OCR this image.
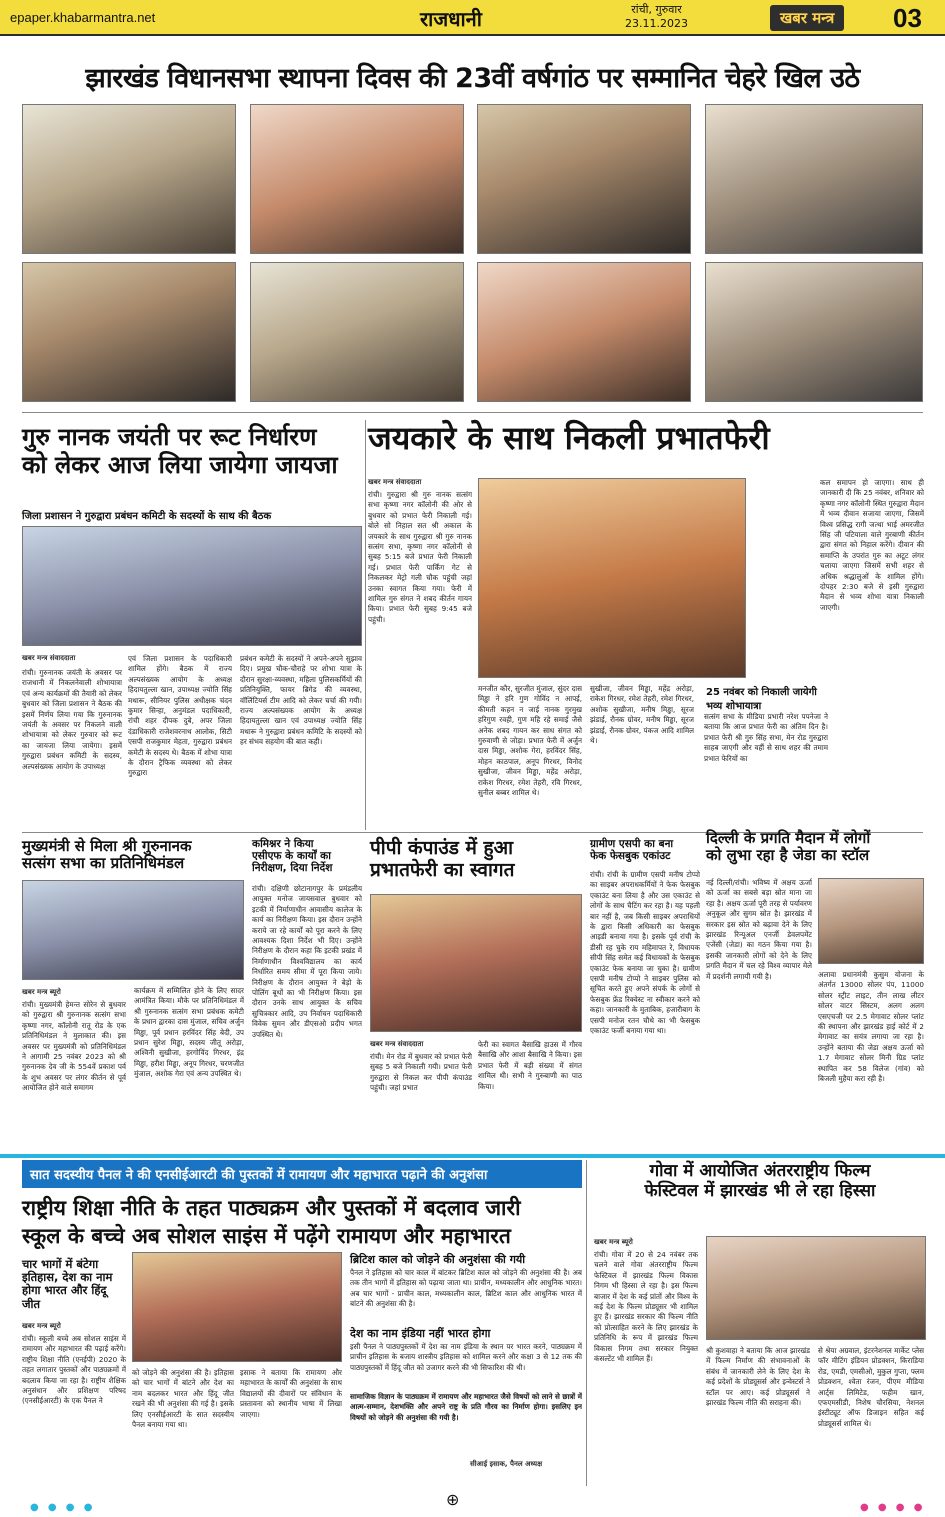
epaper.khabarmantra.net	राजधानी	रांची, गुरुवार
23.11.2023	खबर मन्त्र	03
झारखंड विधानसभा स्थापना दिवस की 23वीं वर्षगांठ पर सम्मानित चेहरे खिल उठे
गुरु नानक जयंती पर रूट निर्धारण
को लेकर आज लिया जायेगा जायजा
जिला प्रशासन ने गुरुद्वारा प्रबंधन कमिटी के सदस्यों के साथ की बैठक
खबर मन्त्र संवाददाता
रांची। गुरुनानक जयंती के अवसर पर राजधानी में निकलनेवाली शोभायात्रा एवं अन्य कार्यक्रमों की तैयारी को लेकर बुधवार को जिला प्रशासन ने बैठक की इसमें निर्णय लिया गया कि गुरुनानक जयंती के अवसर पर निकलने वाली शोभायात्रा को लेकर गुरुवार को रूट का जायजा लिया जायेगा। इसमें गुरुद्वारा प्रबंधन कमिटी के सदस्य, अल्पसंख्यक आयोग के उपाध्यक्ष
एवं जिला प्रशासन के पदाधिकारी शामिल होंगे। बैठक में राज्य अल्पसंख्यक आयोग के अध्यक्ष हिदायतुल्ला खान, उपाध्यक्ष ज्योति सिंह मथारू, सीनियर पुलिस अधीक्षक चंदन कुमार सिन्हा, अनुमंडल पदाधिकारी, रांची शहर दीपक दुबे, अपर जिला दंडाधिकारी राजेशवरनाथ आलोक, सिटी एसपी राजकुमार मेहता, गुरुद्वारा प्रबंधन कमेटी के सदस्य थे। बैठक में शोभा यात्रा के दौरान ट्रैफिक व्यवस्था को लेकर गुरुद्वारा
प्रबंधन कमेटी के सदस्यों ने अपने-अपने सुझाव दिए। प्रमुख चौक-चौराहे पर शोभा यात्रा के दौरान सुरक्षा-व्यवस्था, महिला पुलिसकर्मियों की प्रतिनियुक्ति, फायर ब्रिगेड की व्यवस्था, वॉलिंटियर्स टीम आदि को लेकर चर्चा की गयी। राज्य अल्पसंख्यक आयोग के अध्यक्ष हिदायतुल्ला खान एवं उपाध्यक्ष ज्योति सिंह मथारू ने गुरुद्वारा प्रबंधन कमिटि के सदस्यों को हर संभव सहयोग की बात कही।
जयकारे के साथ निकली प्रभातफेरी
खबर मन्त्र संवाददाता
रांची। गुरुद्वारा श्री गुरु नानक सत्संग सभा कृष्णा नगर कॉलोनी की ओर से बुधवार को प्रभात फेरी निकाली गई। बोले सो निहाल सत श्री अकाल के जयकारे के साथ गुरुद्वारा श्री गुरु नानक सत्संग सभा, कृष्णा नगर कॉलोनी से सुबह 5:15 बजे प्रभात फेरी निकाली गई। प्रभात फेरी पार्किंग गेट से निकलकर मेट्रो गली चौक पहुंची जहां उनका स्वागत किया गया। फेरी में शामिल गुरु संगत ने शबद कीर्तन गायन किया। प्रभात फेरी सुबह 9:45 बजे पहुंची।
मनजीत कौर, सुरजीत मुंजाल, सुंदर दास मिड्ढा ने हरि गुण गोविंद न आपई, कीमती कहन न जाई नानक गुरमुख हरिगुण रवही, गुण महि रहे समाई जैसे अनेक शबद गायन कर साध संगत को गुरुवाणी से जोड़ा। प्रभात फेरी में अर्जुन दास मिड्ढा, अशोक गेरा, हरविंदर सिंह, मोहन काठपाल, अनूप गिरधर, विनोद सुखीजा, जीवन मिड्ढा, महेंद्र अरोड़ा, राकेश गिरधर, रमेश तेहरी, रवि गिरधर, सुनील बब्बर शामिल थे।
सुखीजा, जीवन मिड्ढा, महेंद्र अरोड़ा, राकेश गिरधर, रमेश तेहरी, रमेश गिरधर, अशोक सुखीजा, मनीष मिड्ढा, सूरज झंडाई, रौनक ग्रोवर, मनीष मिड्ढा, सूरज झंडाई, रौनक ग्रोवर, पंकज आदि शामिल थे।
25 नवंबर को निकाली जायेगी भव्य शोभायात्रा
सत्संग सभा के मीडिया प्रभारी नरेश पपनेजा ने बताया कि आज प्रभात फेरी का अंतिम दिन है। प्रभात फेरी श्री गुरु सिंह सभा, मेन रोड गुरुद्वारा साहब जाएगी और वहीं से साथ शहर की तमाम प्रभात फेरियों का
कल समापन हो जाएगा। साथ ही जानकारी दी कि 25 नवंबर, शनिवार को कृष्णा नगर कॉलोनी स्थित गुरुद्वारा मैदान में भव्य दीवान सजाया जाएगा, जिसमें विश्व प्रसिद्ध रागी जत्था भाई अमरजीत सिंह जी पटियाला वाले गुरबाणी कीर्तन द्वारा संगत को निहाल करेंगे। दीवान की समाप्ति के उपरांत गुरु का अटूट लंगर चलाया जाएगा जिसमें सभी शहर से अधिक श्रद्धालुओं के शामिल होंगे। दोपहर 2:30 बजे से इसी गुरुद्वारा मैदान से भव्य शोभा यात्रा निकाली जाएगी।
मुख्यमंत्री से मिला श्री गुरुनानक
सत्संग सभा का प्रतिनिधिमंडल
खबर मन्त्र ब्यूरो
रांची। मुख्यमंत्री हेमन्त सोरेन से बुधवार को गुरुद्वारा श्री गुरुनानक सत्संग सभा कृष्णा नगर, कॉलोनी रातू रोड के एक प्रतिनिधिमंडल ने मुलाकात की। इस अवसर पर मुख्यमंत्री को प्रतिनिधिमंडल ने आगामी 25 नवंबर 2023 को श्री गुरुनानक देव जी के 554वें प्रकाश पर्व के शुभ अवसर पर लंगर कीर्तन से पूर्व आयोजित होने वाले समागम
कार्यक्रम में सम्मिलित होने के लिए सादर आमंत्रित किया। मौके पर प्रतिनिधिमंडल में श्री गुरुनानक सत्संग सभा प्रबंधक कमेटी के प्रधान द्वारका दास मुंजाल, सचिव अर्जुन मिड्ढा, पूर्व प्रधान हरविंदर सिंह बेदी, उप प्रधान सुरेश मिड्ढा, सदस्य जीतू अरोड़ा, अश्विनी सुखीजा, हरगोविंद गिरधर, इंद्र मिड्ढा, हरीश मिड्ढा, अनूप गिरधर, चरणजीत मुंजाल, अशोक गेरा एवं अन्य उपस्थित थे।
कमिश्नर ने किया
एसीएफ के कार्यों का
निरीक्षण, दिया निर्देश
रांची। दक्षिणी छोटानागपुर के प्रमंडलीय आयुक्त मनोज जायसवाल बुधवार को इटकी में निर्माणाधीन आवासीय कालेज के कार्य का निरीक्षण किया। इस दौरान उन्होंने कराये जा रहे कार्यों को पूरा करने के लिए आवश्यक दिशा निर्देश भी दिए। उन्होंने निरीक्षण के दौरान कहा कि इटकी प्रखंड में निर्माणाधीन विश्वविद्यालय का कार्य निर्धारित समय सीमा में पूरा किया जाये। निरीक्षण के दौरान आयुक्त ने बेड़ो के पोलिंग बूथों का भी निरीक्षण किया। इस दौरान उनके साथ आयुक्त के सचिव सुचित्रकार आदि, उप निर्वाचन पदाधिकारी विवेक सुमन और डीएसओ प्रदीप भगत उपस्थित थे।
पीपी कंपाउंड में हुआ
प्रभातफेरी का स्वागत
खबर मन्त्र संवाददाता
रांची। मेन रोड में बुधवार को प्रभात फेरी सुबह 5 बजे निकाली गयी। प्रभात फेरी गुरुद्वारा से निकल कर पीपी कंपाउंड पहुंची। जहां प्रभात
फेरी का स्वागत बैसाखि हाउस में गौरव बैसाखि और आशा बैसाखि ने किया। इस प्रभात फेरी में बड़ी संख्या में संगत शामिल थी। सभी ने गुरुबाणी का पाठ किया।
ग्रामीण एसपी का बना
फेक फेसबुक एकांउट
रांची। रांची के ग्रामीण एसपी मनीष टोप्पो का साइबर अपराधकर्मियों ने फेक फेसबुक एकाउंट बना लिया है और उस एकाउंट से लोगों के साथ चैटिंग कर रहा है। यह पहली बार नहीं है, जब किसी साइबर अपराधियों के द्वारा किसी अधिकारी का फेसबुक आइडी बनाया गया है। इसके पूर्व रांची के डीसी रह चुके राय महिमापत रे, विधायक सीपी सिंह समेत कई विधायकों के फेसबुक एकाउंट फेक बनाया जा चुका है। ग्रामीण एसपी मनीष टोप्पो ने साइबर पुलिस को सूचित करते हुए अपने संपर्क के लोगों से फेसबुक फ्रेंड रिक्वेस्ट ना स्वीकार करने को कहा। जानकारी के मुताबिक, हजारीबाग के एसपी मनोज रतन चौथे का भी फेसबुक एकाउंट फर्जी बनाया गया था।
दिल्ली के प्रगति मैदान में लोगों
को लुभा रहा है जेडा का स्टॉल
नई दिल्ली/रांची। भविष्य में अक्षय ऊर्जा को ऊर्जा का सबसे बड़ा स्रोत माना जा रहा है। अक्षय ऊर्जा पूरी तरह से पर्यावरण अनुकूल और सुगम स्रोत है। झारखंड में सरकार इस स्रोत को बढ़ावा देने के लिए झारखंड रिन्यूअल एनर्जी डेवलपमेंट एजेंसी (जेडा) का गठन किया गया है। इसकी जानकारी लोगों को देने के लिए प्रगति मैदान में चल रहे विश्व व्यापार मेले में प्रदर्शनी लगायी गयी है।	अलावा प्रधानमंत्री कुसुम योजना के अंतर्गत 13000 सोलर पंप, 11000 सोलर स्ट्रीट लाइट, तीन लाख लीटर सोलर वाटर सिस्टम, अलग अलग एसएचजी पर 2.5 मेगावाट सोलर प्लांट की स्थापना और झारखंड हाई कोर्ट में 2 मेगावाट का सयंत्र लगाया जा रहा है। उन्होंने बताया की जेडा अक्षय ऊर्जा को 1.7 मेगावाट सोलर मिनी ग्रिड प्लांट स्थापित कर 58 विलेज (गांव) को बिजली मुहैया करा रही है।
सात सदस्यीय पैनल ने की एनसीईआरटी की पुस्तकों में रामायण और महाभारत पढ़ाने की अनुशंसा
राष्ट्रीय शिक्षा नीति के तहत पाठ्यक्रम और पुस्तकों में बदलाव जारी
स्कूल के बच्चे अब सोशल साइंस में पढ़ेंगे रामायण और महाभारत
चार भागों में बंटेगा इतिहास, देश का नाम होगा भारत और हिंदू जीत
खबर मन्त्र ब्यूरो
रांची। स्कूली बच्चे अब सोशल साइंस में रामायण और महाभारत की पढ़ाई करेंगे। राष्ट्रीय शिक्षा नीति (एनईपी) 2020 के तहत लगातार पुस्तकों और पाठ्यक्रमों में बदलाव किया जा रहा है। राष्ट्रीय शैक्षिक अनुसंधान और प्रशिक्षण परिषद (एनसीईआरटी) के एक पैनल ने
को जोड़ने की अनुशंसा की है। इतिहास को चार भागों में बांटने और देश का नाम बदलकर भारत और हिंदू जीत रखने की भी अनुशंसा की गई है। इसके लिए एनसीईआरटी के सात सदस्यीय पैनल बनाया गया था।
इसाक ने बताया कि रामायण और महाभारत के कार्यों की अनुशंसा के साथ विद्यालयों की दीवारों पर संविधान के प्रस्तावना को स्थानीय भाषा में लिखा जाएगा।
ब्रिटिश काल को जोड़ने की अनुशंसा की गयी
पैनल ने इतिहास को चार काल में बांटकर ब्रिटिश काल को जोड़ने की अनुशंसा की है। अब तक तीन भागों में इतिहास को पढ़ाया जाता था। प्राचीन, मध्यकालीन और आधुनिक भारत। अब चार भागों - प्राचीन काल, मध्यकालीन काल, ब्रिटिश काल और आधुनिक भारत में बांटने की अनुशंसा की है।
देश का नाम इंडिया नहीं भारत होगा
इसी पैनल ने पाठ्यपुस्तकों में देश का नाम इंडिया के स्थान पर भारत करने, पाठ्यक्रम में प्राचीन इतिहास के बजाय शास्त्रीय इतिहास को शामिल करने और कक्षा 3 से 12 तक की पाठ्यपुस्तकों में हिंदू जीत को उजागर करने की भी सिफारिश की थी।
सामाजिक विज्ञान के पाठ्यक्रम में रामायण और महाभारत जैसे विषयों को लाने से छात्रों में आत्म-सम्मान, देशभक्ति और अपने राष्ट्र के प्रति गौरव का निर्माण होगा। इसलिए इन विषयों को जोड़ने की अनुशंसा की गयी है।
सीआई इसाक, पैनल अध्यक्ष
गोवा में आयोजित अंतरराष्ट्रीय फिल्म
फेस्टिवल में झारखंड भी ले रहा हिस्सा
खबर मन्त्र ब्यूरो
रांची। गोवा में 20 से 24 नवंबर तक चलने वाले गोवा अंतरराष्ट्रीय फिल्म फेस्टिवल में झारखंड फिल्म विकास निगम भी हिस्सा ले रहा है। इस फिल्म बाजार में देश के कई प्रांतों और विश्व के कई देश के फिल्म प्रोड्यूसर भी शामिल हुए हैं। झारखंड सरकार की फिल्म नीति को प्रोत्साहित करने के लिए झारखंड के प्रतिनिधि के रूप में झारखंड फिल्म विकास निगम तथा सरकार नियुक्त कंसल्टेंट भी शामिल हैं।
श्री कुशवाहा ने बताया कि आज झारखंड में फिल्म निर्माण की संभावनाओं के संबंध में जानकारी लेने के लिए देश के कई प्रदेशों के प्रोड्यूसर्स और इन्वेस्टर्स ने स्टॉल पर आए। कई प्रोड्यूसर्स ने झारखंड फिल्म नीति की सराहना की।
से श्रेया अग्रवाल, इंटरनेशनल मार्केट प्लेस फॉर मीटिंग इंडियन प्रोडक्शन, किराडिया रोड, एमडी, एमसीओ, मुकुल गुप्ता, फ्लम प्रोडक्शन, श्वेता रंजन, पीएम मीडिया आर्ट्स लिमिटेड, फहीम खान, एफएमसीडी, निशेष चौरसिया, नेशनल इंस्टीट्यूट ऑफ डिजाइन सहित कई प्रोड्यूसर्स शामिल थे।
● ● ● ●	● ● ● ●
⊕
